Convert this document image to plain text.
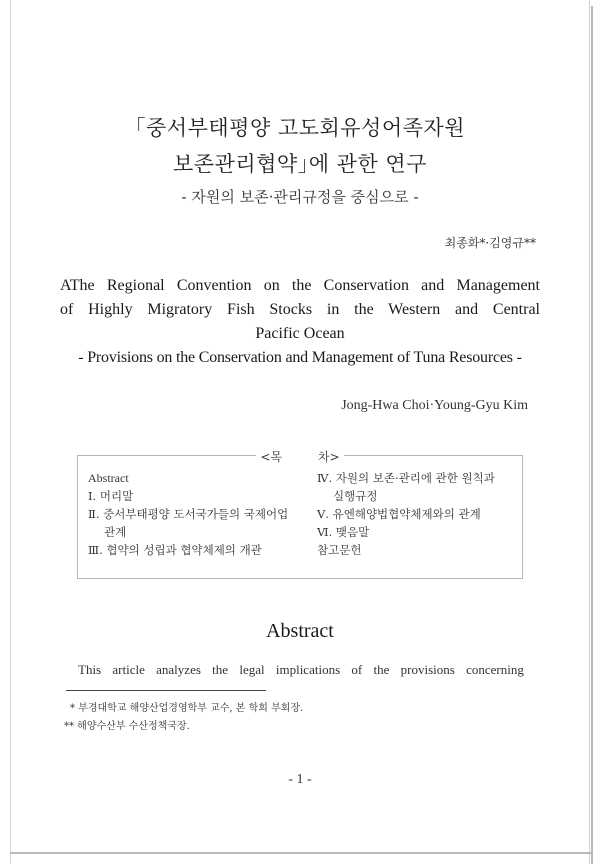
｢중서부태평양 고도회유성어족자원
보존관리협약｣에 관한 연구
- 자원의 보존·관리규정을 중심으로 -
최종화*·김영규**
AThe Regional Convention on the Conservation and Management
of Highly Migratory Fish Stocks in the Western and Central
Pacific Ocean
- Provisions on the Conservation and Management of Tuna Resources -
Jong-Hwa Choi·Young-Gyu Kim
<목	차>
Abstract
Ⅰ. 머리말
Ⅱ. 중서부태평양 도서국가들의 국제어업
관계
Ⅲ. 협약의 성립과 협약체제의 개관
Ⅳ. 자원의 보존·관리에 관한 원칙과
실행규정
Ⅴ. 유엔해양법협약체제와의 관계
Ⅵ. 맺음말
참고문헌
Abstract
This article analyzes the legal implications of the provisions concerning
* 부경대학교 해양산업경영학부 교수, 본 학회 부회장.
** 해양수산부 수산정책국장.
- 1 -
